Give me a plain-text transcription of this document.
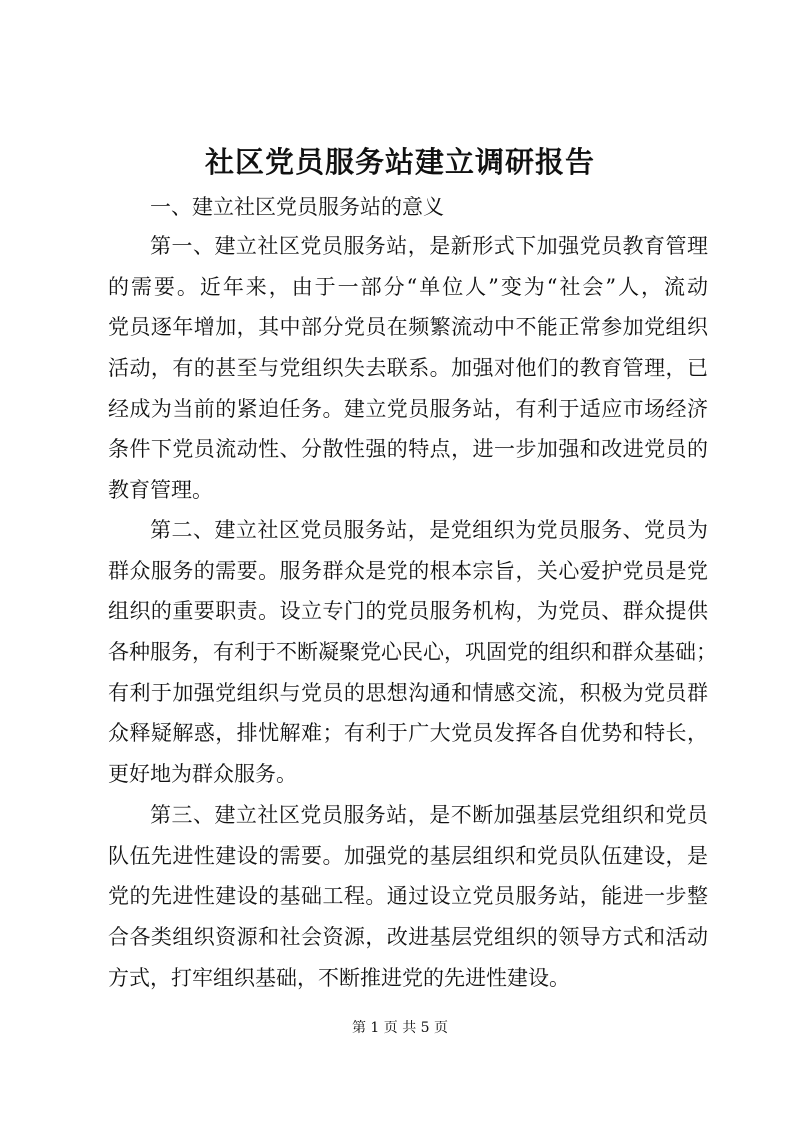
社区党员服务站建立调研报告
一、建立社区党员服务站的意义
第一、建立社区党员服务站，是新形式下加强党员教育管理
的需要。近年来，由于一部分“单位人”变为“社会”人，流动
党员逐年增加，其中部分党员在频繁流动中不能正常参加党组织
活动，有的甚至与党组织失去联系。加强对他们的教育管理，已
经成为当前的紧迫任务。建立党员服务站，有利于适应市场经济
条件下党员流动性、分散性强的特点，进一步加强和改进党员的
教育管理。
第二、建立社区党员服务站，是党组织为党员服务、党员为
群众服务的需要。服务群众是党的根本宗旨，关心爱护党员是党
组织的重要职责。设立专门的党员服务机构，为党员、群众提供
各种服务，有利于不断凝聚党心民心，巩固党的组织和群众基础；
有利于加强党组织与党员的思想沟通和情感交流，积极为党员群
众释疑解惑，排忧解难；有利于广大党员发挥各自优势和特长，
更好地为群众服务。
第三、建立社区党员服务站，是不断加强基层党组织和党员
队伍先进性建设的需要。加强党的基层组织和党员队伍建设，是
党的先进性建设的基础工程。通过设立党员服务站，能进一步整
合各类组织资源和社会资源，改进基层党组织的领导方式和活动
方式，打牢组织基础，不断推进党的先进性建设。
第 1 页 共 5 页
